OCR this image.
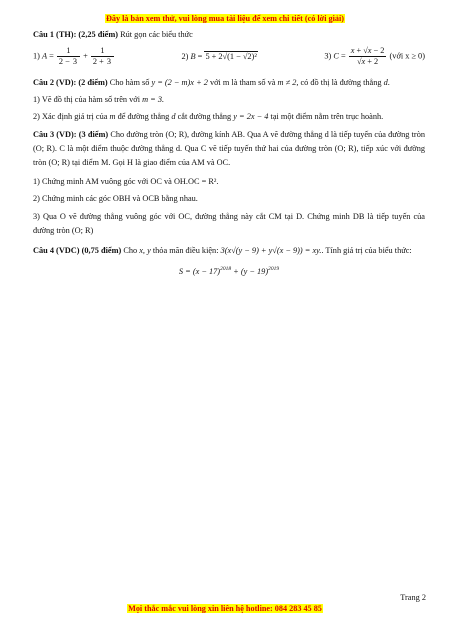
Đây là bản xem thử, vui lòng mua tài liệu để xem chi tiết (có lời giải)

Câu 1 (TH): (2,25 điểm) Rút gọn các biểu thức

1) $A = \frac{1}{2 - 3} + \frac{1}{2 + 3}$	2) B = 5 + 2√(1 − √2)²	3) $C = \frac{x + √x - 2}{√x + 2}$ (với x ≥ 0)

Câu 2 (VD): (2 điểm) Cho hàm số y = (2 − m)x + 2 với m là tham số và m ≠ 2, có đồ thị là đường thẳng d.

1) Vẽ đồ thị của hàm số trên với m = 3.

2) Xác định giá trị của m để đường thẳng d cắt đường thẳng y = 2x − 4 tại một điểm nằm trên trục hoành.

Câu 3 (VD): (3 điểm) Cho đường tròn (O; R), đường kính AB. Qua A vẽ đường thẳng d là tiếp tuyến của đường tròn (O; R). C là một điểm thuộc đường thẳng d. Qua C vẽ tiếp tuyến thứ hai của đường tròn (O; R), tiếp xúc với đường tròn (O; R) tại điểm M. Gọi H là giao điểm của AM và OC.

1) Chứng minh AM vuông góc với OC và OH.OC = R².

2) Chứng minh các góc OBH và OCB bằng nhau.

3) Qua O vẽ đường thẳng vuông góc với OC, đường thẳng này cắt CM tại D. Chứng minh DB là tiếp tuyến của đường tròn (O; R)

Câu 4 (VDC) (0,75 điểm) Cho x, y thỏa mãn điều kiện: 3(x√(y − 9) + y√(x − 9)) = xy.. Tính giá trị của biểu thức:

$S = (x - 17)^{2018} + (y - 19)^{2019}$
Trang 2
Mọi thắc mắc vui lòng xin liên hệ hotline: 084 283 45 85
